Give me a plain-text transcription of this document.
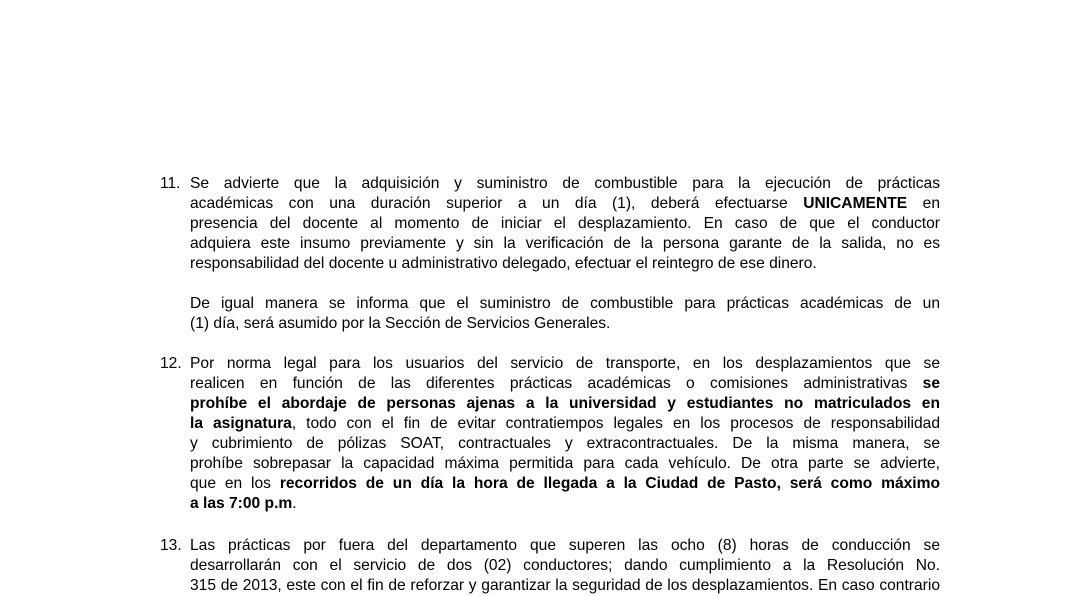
11. Se advierte que la adquisición y suministro de combustible para la ejecución de prácticas
académicas con una duración superior a un día (1), deberá efectuarse UNICAMENTE en
presencia del docente al momento de iniciar el desplazamiento. En caso de que el conductor
adquiera este insumo previamente y sin la verificación de la persona garante de la salida, no es
responsabilidad del docente u administrativo delegado, efectuar el reintegro de ese dinero.
De igual manera se informa que el suministro de combustible para prácticas académicas de un
(1) día, será asumido por la Sección de Servicios Generales.
12. Por norma legal para los usuarios del servicio de transporte, en los desplazamientos que se
realicen en función de las diferentes prácticas académicas o comisiones administrativas se
prohíbe el abordaje de personas ajenas a la universidad y estudiantes no matriculados en
la asignatura, todo con el fin de evitar contratiempos legales en los procesos de responsabilidad
y cubrimiento de pólizas SOAT, contractuales y extracontractuales. De la misma manera, se
prohíbe sobrepasar la capacidad máxima permitida para cada vehículo. De otra parte se advierte,
que en los recorridos de un día la hora de llegada a la Ciudad de Pasto, será como máximo
a las 7:00 p.m.
13. Las prácticas por fuera del departamento que superen las ocho (8) horas de conducción se
desarrollarán con el servicio de dos (02) conductores; dando cumplimiento a la Resolución No.
315 de 2013, este con el fin de reforzar y garantizar la seguridad de los desplazamientos. En caso contrario
